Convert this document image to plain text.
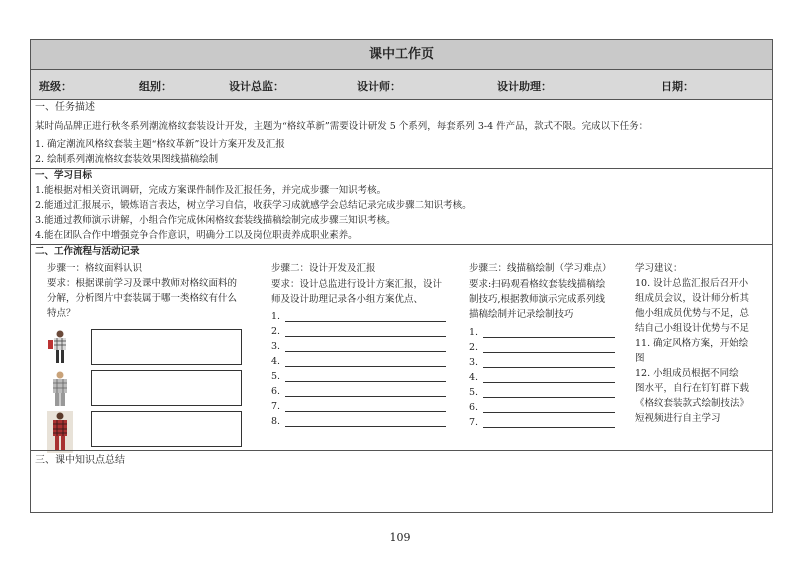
课中工作页
班级：	组别：	设计总监：	设计师：	设计助理：	日期：
一、任务描述
某时尚品牌正进行秋冬系列潮流格纹套装设计开发，主题为“格纹革新”需要设计研发 5 个系列，每套系列 3-4 件产品，款式不限。完成以下任务：
1. 确定潮流风格纹套装主题“格纹革新”设计方案开发及汇报
2. 绘制系列潮流格纹套装效果图线描稿绘制
一、学习目标
1.能根据对相关资讯调研，完成方案课件制作及汇报任务，并完成步骤一知识考核。
2.能通过汇报展示，锻炼语言表达，树立学习自信，收获学习成就感学会总结记录完成步骤二知识考核。
3.能通过教师演示讲解，小组合作完成休闲格纹套装线描稿绘制完成步骤三知识考核。
4.能在团队合作中增强竞争合作意识，明确分工以及岗位职责养成职业素养。
二、工作流程与活动记录
步骤一：格纹面料认识
要求：根据课前学习及课中教师对格纹面料的
分解，分析图片中套装属于哪一类格纹有什么
特点？
步骤二：设计开发及汇报
要求：设计总监进行设计方案汇报，设计
师及设计助理记录各小组方案优点、
1.
2.
3.
4.
5.
6.
7.
8.
步骤三：线描稿绘制（学习难点）
要求:扫码观看格纹套装线描稿绘
制技巧,根据教师演示完成系列线
描稿绘制并记录绘制技巧
1.
2.
3.
4.
5.
6.
7.
学习建议：
10. 设计总监汇报后召开小
组成员会议，设计师分析其
他小组成员优势与不足，总
结自己小组设计优势与不足
11. 确定风格方案，开始绘
图
12. 小组成员根据不同绘
图水平，自行在钉钉群下载
《格纹套装款式绘制技法》
短视频进行自主学习
三、课中知识点总结
109
